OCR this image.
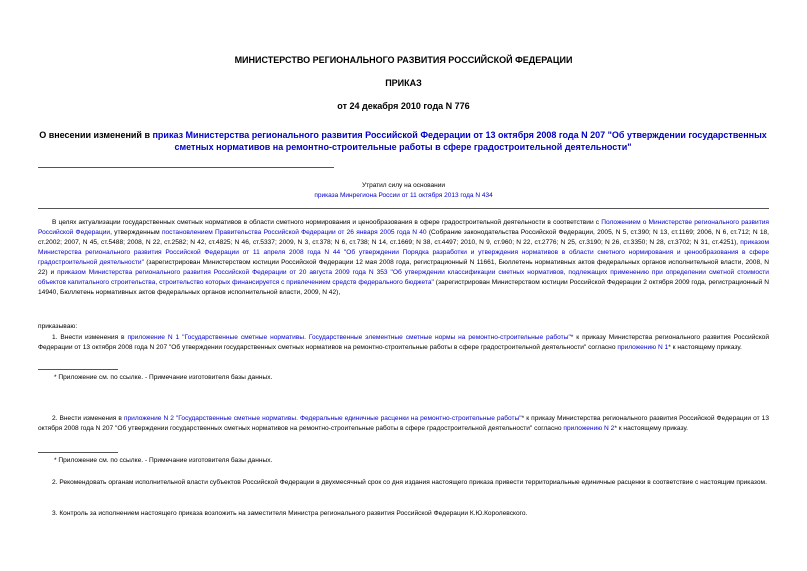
МИНИСТЕРСТВО РЕГИОНАЛЬНОГО РАЗВИТИЯ РОССИЙСКОЙ ФЕДЕРАЦИИ
ПРИКАЗ
от 24 декабря 2010 года N 776
О внесении изменений в приказ Министерства регионального развития Российской Федерации от 13 октября 2008 года N 207 "Об утверждении государственных сметных нормативов на ремонтно-строительные работы в сфере градостроительной деятельности"
Утратил силу на основании
приказа Минрегиона России от 11 октября 2013 года N 434
В целях актуализации государственных сметных нормативов в области сметного нормирования и ценообразования в сфере градостроительной деятельности в соответствии с Положением о Министерстве регионального развития Российской Федерации, утвержденным постановлением Правительства Российской Федерации от 26 января 2005 года N 40 (Собрание законодательства Российской Федерации, 2005, N 5, ст.390; N 13, ст.1169; 2006, N 6, ст.712; N 18, ст.2002; 2007, N 45, ст.5488; 2008, N 22, ст.2582; N 42, ст.4825; N 46, ст.5337; 2009, N 3, ст.378; N 6, ст.738; N 14, ст.1669; N 38, ст.4497; 2010, N 9, ст.960; N 22, ст.2776; N 25, ст.3190; N 26, ст.3350; N 28, ст.3702; N 31, ст.4251), приказом Министерства регионального развития Российской Федерации от 11 апреля 2008 года N 44 "Об утверждении Порядка разработки и утверждения нормативов в области сметного нормирования и ценообразования в сфере градостроительной деятельности" (зарегистрирован Министерством юстиции Российской Федерации 12 мая 2008 года, регистрационный N 11661, Бюллетень нормативных актов федеральных органов исполнительной власти, 2008, N 22) и приказом Министерства регионального развития Российской Федерации от 20 августа 2009 года N 353 "Об утверждении классификации сметных нормативов, подлежащих применению при определении сметной стоимости объектов капитального строительства, строительство которых финансируется с привлечением средств федерального бюджета" (зарегистрирован Министерством юстиции Российской Федерации 2 октября 2009 года, регистрационный N 14940, Бюллетень нормативных актов федеральных органов исполнительной власти, 2009, N 42),
приказываю:
1. Внести изменения в приложение N 1 "Государственные сметные нормативы. Государственные элементные сметные нормы на ремонтно-строительные работы"* к приказу Министерства регионального развития Российской Федерации от 13 октября 2008 года N 207 "Об утверждении государственных сметных нормативов на ремонтно-строительные работы в сфере градостроительной деятельности" согласно приложению N 1* к настоящему приказу.
* Приложение см. по ссылке. - Примечание изготовителя базы данных.
2. Внести изменения в приложение N 2 "Государственные сметные нормативы. Федеральные единичные расценки на ремонтно-строительные работы"* к приказу Министерства регионального развития Российской Федерации от 13 октября 2008 года N 207 "Об утверждении государственных сметных нормативов на ремонтно-строительные работы в сфере градостроительной деятельности" согласно приложению N 2* к настоящему приказу.
* Приложение см. по ссылке. - Примечание изготовителя базы данных.
2. Рекомендовать органам исполнительной власти субъектов Российской Федерации в двухмесячный срок со дня издания настоящего приказа привести территориальные единичные расценки в соответствие с настоящим приказом.
3. Контроль за исполнением настоящего приказа возложить на заместителя Министра регионального развития Российской Федерации К.Ю.Королевского.
